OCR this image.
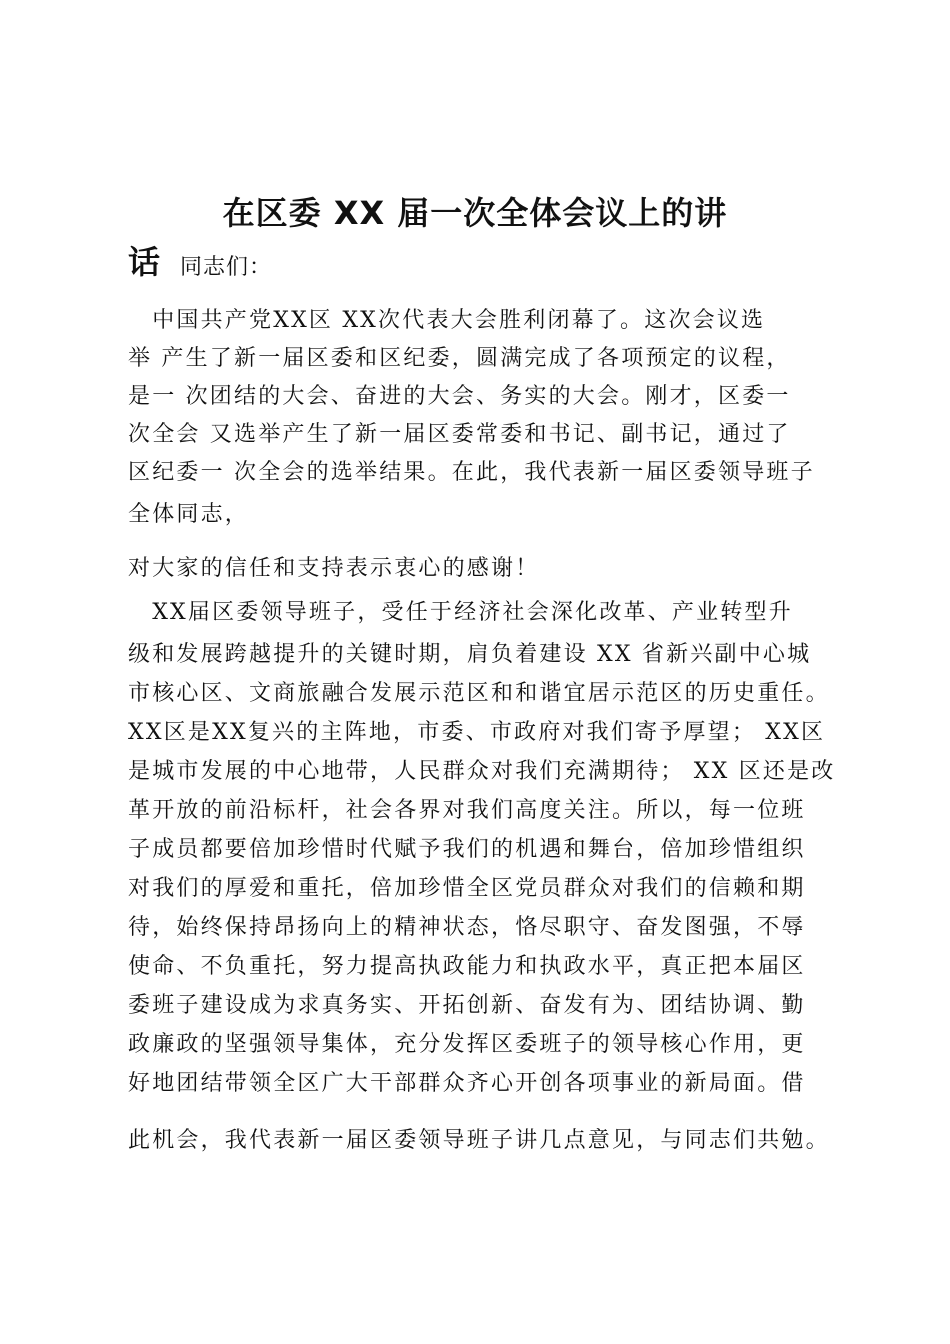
在区委 XX 届一次全体会议上的讲
话 同志们：
　中国共产党XX区 XX次代表大会胜利闭幕了。这次会议选
举 产生了新一届区委和区纪委，圆满完成了各项预定的议程，
是一 次团结的大会、奋进的大会、务实的大会。刚才，区委一
次全会 又选举产生了新一届区委常委和书记、副书记，通过了
区纪委一 次全会的选举结果。在此，我代表新一届区委领导班子
全体同志，
对大家的信任和支持表示衷心的感谢！
　XX届区委领导班子，受任于经济社会深化改革、产业转型升
级和发展跨越提升的关键时期，肩负着建设 XX 省新兴副中心城
市核心区、文商旅融合发展示范区和和谐宜居示范区的历史重任。
XX区是XX复兴的主阵地，市委、市政府对我们寄予厚望； XX区
是城市发展的中心地带，人民群众对我们充满期待； XX 区还是改
革开放的前沿标杆，社会各界对我们高度关注。所以，每一位班
子成员都要倍加珍惜时代赋予我们的机遇和舞台，倍加珍惜组织
对我们的厚爱和重托，倍加珍惜全区党员群众对我们的信赖和期
待，始终保持昂扬向上的精神状态，恪尽职守、奋发图强，不辱
使命、不负重托，努力提高执政能力和执政水平，真正把本届区
委班子建设成为求真务实、开拓创新、奋发有为、团结协调、勤
政廉政的坚强领导集体，充分发挥区委班子的领导核心作用，更
好地团结带领全区广大干部群众齐心开创各项事业的新局面。借
此机会，我代表新一届区委领导班子讲几点意见，与同志们共勉。
